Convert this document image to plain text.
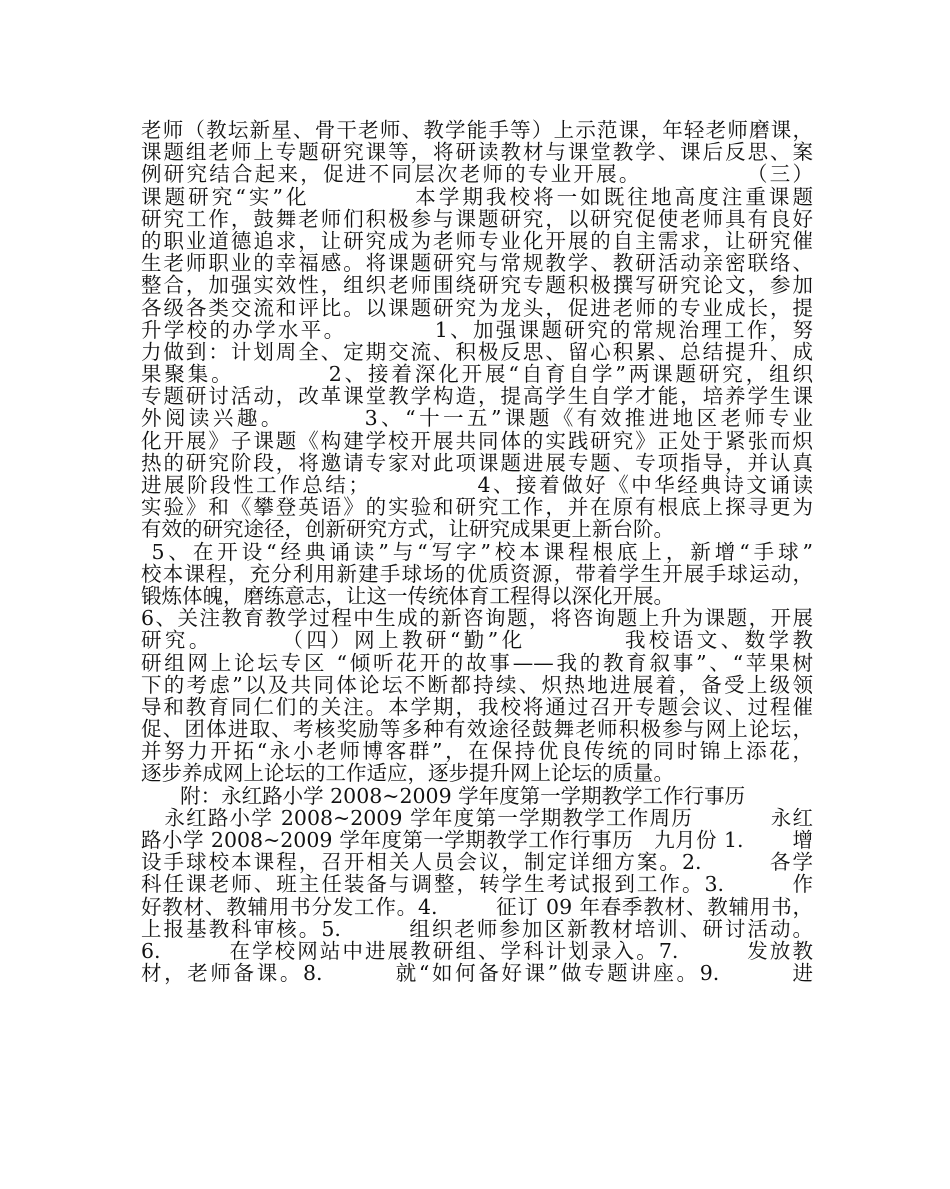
老师（教坛新星、骨干老师、教学能手等）上示范课，年轻老师磨课，
课题组老师上专题研究课等，将研读教材与课堂教学、课后反思、案
例研究结合起来，促进不同层次老师的专业开展。            （三）
课题研究“实”化           本学期我校将一如既往地高度注重课题
研究工作，鼓舞老师们积极参与课题研究，以研究促使老师具有良好
的职业道德追求，让研究成为老师专业化开展的自主需求，让研究催
生老师职业的幸福感。将课题研究与常规教学、教研活动亲密联络、
整合，加强实效性，组织老师围绕研究专题积极撰写研究论文，参加
各级各类交流和评比。以课题研究为龙头，促进老师的专业成长，提
升学校的办学水平。          1、加强课题研究的常规治理工作，努
力做到：计划周全、定期交流、积极反思、留心积累、总结提升、成
果聚集。          2、接着深化开展“自育自学”两课题研究，组织
专题研讨活动，改革课堂教学构造，提高学生自学才能，培养学生课
外阅读兴趣。        3、“十一五”课题《有效推进地区老师专业
化开展》子课题《构建学校开展共同体的实践研究》正处于紧张而炽
热的研究阶段，将邀请专家对此项课题进展专题、专项指导，并认真
进展阶段性工作总结；            4、接着做好《中华经典诗文诵读
实验》和《攀登英语》的实验和研究工作，并在原有根底上探寻更为
有效的研究途径，创新研究方式，让研究成果更上新台阶。
5、在开设“经典诵读”与“写字”校本课程根底上，新增“手球”
校本课程，充分利用新建手球场的优质资源，带着学生开展手球运动，
锻炼体魄，磨练意志，让这一传统体育工程得以深化开展。
6、关注教育教学过程中生成的新咨询题，将咨询题上升为课题，开展
研究。       （四）网上教研“勤”化          我校语文、数学教
研组网上论坛专区 “倾听花开的故事——我的教育叙事”、“苹果树
下的考虑”以及共同体论坛不断都持续、炽热地进展着，备受上级领
导和教育同仁们的关注。本学期，我校将通过召开专题会议、过程催
促、团体进取、考核奖励等多种有效途径鼓舞老师积极参与网上论坛，
并努力开拓“永小老师博客群”，在保持优良传统的同时锦上添花，
逐步养成网上论坛的工作适应，逐步提升网上论坛的质量。
附：永红路小学 2008~2009 学年度第一学期教学工作行事历
永红路小学 2008~2009 学年度第一学期教学工作周历          永红
路小学 2008~2009 学年度第一学期教学工作行事历   九月份 1.       增
设手球校本课程，召开相关人员会议，制定详细方案。2.        各学
科任课老师、班主任装备与调整，转学生考试报到工作。3.        作
好教材、教辅用书分发工作。4.        征订 09 年春季教材、教辅用书，
上报基教科审核。5.        组织老师参加区新教材培训、研讨活动。
6.        在学校网站中进展教研组、学科计划录入。7.        发放教
材，老师备课。8.        就“如何备好课”做专题讲座。9.        进
